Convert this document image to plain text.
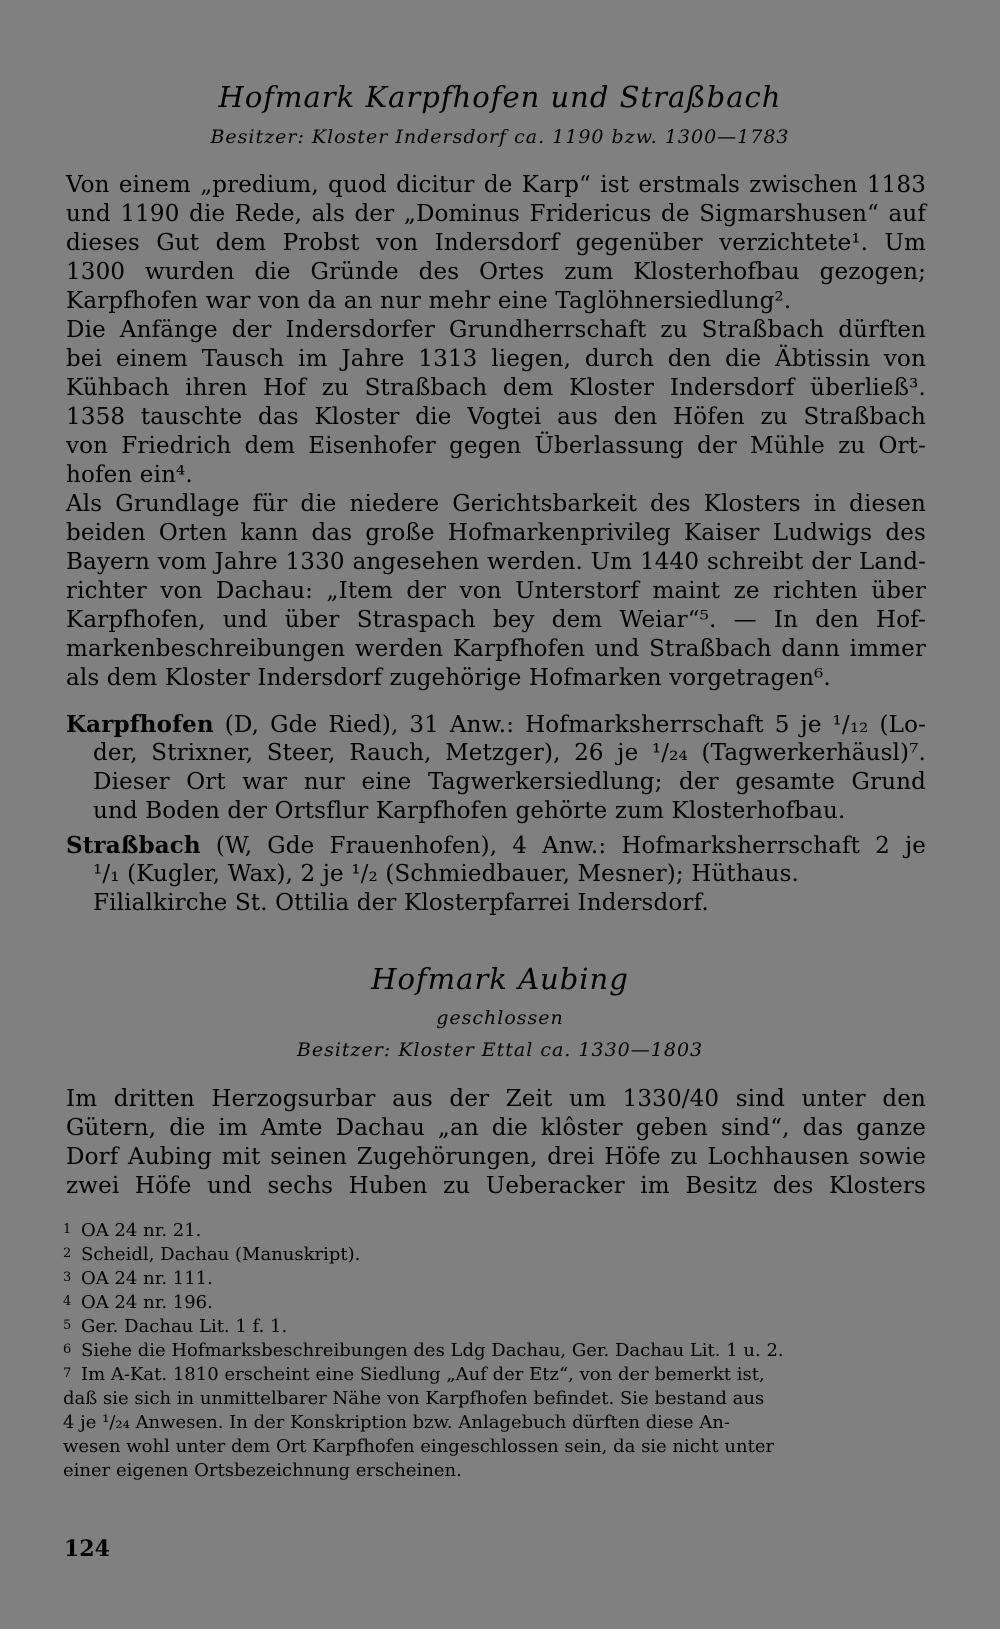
Hofmark Karpfhofen und Straßbach
Besitzer: Kloster Indersdorf ca. 1190 bzw. 1300—1783
Von einem „predium, quod dicitur de Karp“ ist erstmals zwischen 1183
und 1190 die Rede, als der „Dominus Fridericus de Sigmarshusen“ auf
dieses Gut dem Probst von Indersdorf gegenüber verzichtete¹. Um
1300 wurden die Gründe des Ortes zum Klosterhofbau gezogen;
Karpfhofen war von da an nur mehr eine Taglöhnersiedlung².
Die Anfänge der Indersdorfer Grundherrschaft zu Straßbach dürften
bei einem Tausch im Jahre 1313 liegen, durch den die Äbtissin von
Kühbach ihren Hof zu Straßbach dem Kloster Indersdorf überließ³.
1358 tauschte das Kloster die Vogtei aus den Höfen zu Straßbach
von Friedrich dem Eisenhofer gegen Überlassung der Mühle zu Ort-
hofen ein⁴.
Als Grundlage für die niedere Gerichtsbarkeit des Klosters in diesen
beiden Orten kann das große Hofmarkenprivileg Kaiser Ludwigs des
Bayern vom Jahre 1330 angesehen werden. Um 1440 schreibt der Land-
richter von Dachau: „Item der von Unterstorf maint ze richten über
Karpfhofen, und über Straspach bey dem Weiar“⁵. — In den Hof-
markenbeschreibungen werden Karpfhofen und Straßbach dann immer
als dem Kloster Indersdorf zugehörige Hofmarken vorgetragen⁶.
Karpfhofen (D, Gde Ried), 31 Anw.: Hofmarksherrschaft 5 je ¹/₁₂ (Lo-
der, Strixner, Steer, Rauch, Metzger), 26 je ¹/₂₄ (Tagwerkerhäusl)⁷.
Dieser Ort war nur eine Tagwerkersiedlung; der gesamte Grund
und Boden der Ortsflur Karpfhofen gehörte zum Klosterhofbau.
Straßbach (W, Gde Frauenhofen), 4 Anw.: Hofmarksherrschaft 2 je
¹/₁ (Kugler, Wax), 2 je ¹/₂ (Schmiedbauer, Mesner); Hüthaus.
Filialkirche St. Ottilia der Klosterpfarrei Indersdorf.
Hofmark Aubing
geschlossen
Besitzer: Kloster Ettal ca. 1330—1803
Im dritten Herzogsurbar aus der Zeit um 1330/40 sind unter den
Gütern, die im Amte Dachau „an die klôster geben sind“, das ganze
Dorf Aubing mit seinen Zugehörungen, drei Höfe zu Lochhausen sowie
zwei Höfe und sechs Huben zu Ueberacker im Besitz des Klosters
1 OA 24 nr. 21.
2 Scheidl, Dachau (Manuskript).
3 OA 24 nr. 111.
4 OA 24 nr. 196.
5 Ger. Dachau Lit. 1 f. 1.
6 Siehe die Hofmarksbeschreibungen des Ldg Dachau, Ger. Dachau Lit. 1 u. 2.
7 Im A-Kat. 1810 erscheint eine Siedlung „Auf der Etz“, von der bemerkt ist,
daß sie sich in unmittelbarer Nähe von Karpfhofen befindet. Sie bestand aus
4 je ¹/₂₄ Anwesen. In der Konskription bzw. Anlagebuch dürften diese An-
wesen wohl unter dem Ort Karpfhofen eingeschlossen sein, da sie nicht unter
einer eigenen Ortsbezeichnung erscheinen.
124
